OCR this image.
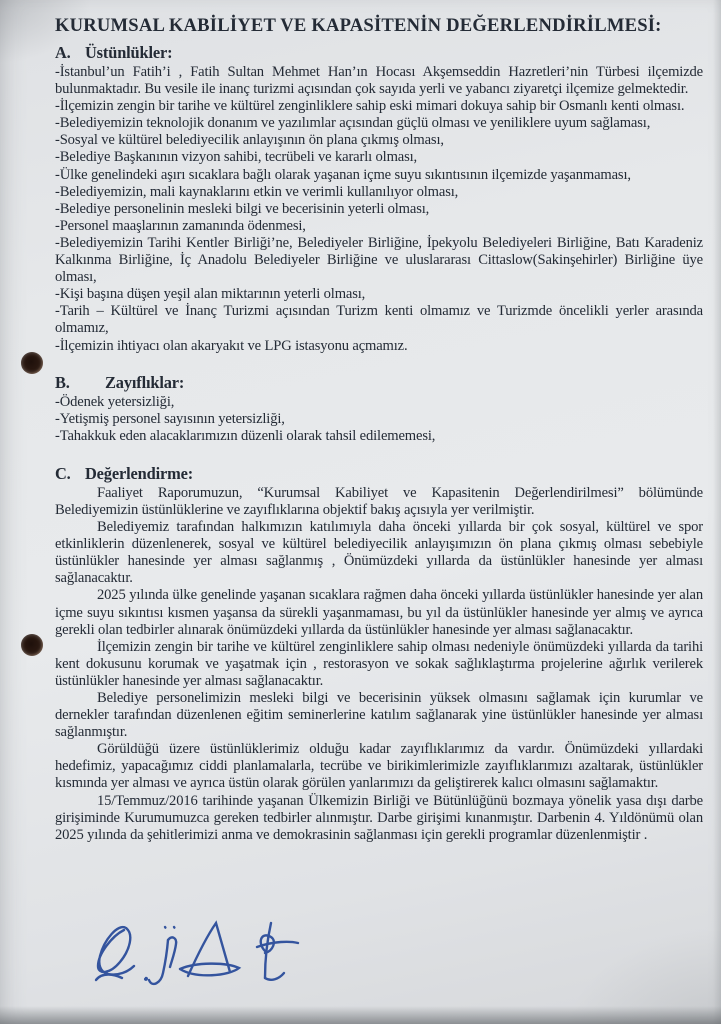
KURUMSAL KABİLİYET VE KAPASİTENİN DEĞERLENDİRİLMESİ:

A. Üstünlükler:

-İstanbul’un Fatih’i , Fatih Sultan Mehmet Han’ın Hocası Akşemseddin Hazretleri’nin Türbesi ilçemizde bulunmaktadır. Bu vesile ile inanç turizmi açısından çok sayıda yerli ve yabancı ziyaretçi ilçemize gelmektedir.

-İlçemizin zengin bir tarihe ve kültürel zenginliklere sahip eski mimari dokuya sahip bir Osmanlı kenti olması.

-Belediyemizin teknolojik donanım ve yazılımlar açısından güçlü olması ve yeniliklere uyum sağlaması,

-Sosyal ve kültürel belediyecilik anlayışının ön plana çıkmış olması,

-Belediye Başkanının vizyon sahibi, tecrübeli ve kararlı olması,

-Ülke genelindeki aşırı sıcaklara bağlı olarak yaşanan içme suyu sıkıntısının ilçemizde yaşanmaması,

-Belediyemizin, mali kaynaklarını etkin ve verimli kullanılıyor olması,

-Belediye personelinin mesleki bilgi ve becerisinin yeterli olması,

-Personel maaşlarının zamanında ödenmesi,

-Belediyemizin Tarihi Kentler Birliği’ne, Belediyeler Birliğine, İpekyolu Belediyeleri Birliğine, Batı Karadeniz Kalkınma Birliğine, İç Anadolu Belediyeler Birliğine ve uluslararası Cittaslow(Sakinşehirler) Birliğine üye olması,

-Kişi başına düşen yeşil alan miktarının yeterli olması,

-Tarih – Kültürel ve İnanç Turizmi açısından Turizm kenti olmamız ve Turizmde öncelikli yerler arasında olmamız,

-İlçemizin ihtiyacı olan akaryakıt ve LPG istasyonu açmamız.

B. Zayıflıklar:

-Ödenek yetersizliği,

-Yetişmiş personel sayısının yetersizliği,

-Tahakkuk eden alacaklarımızın düzenli olarak tahsil edilememesi,

C. Değerlendirme:

Faaliyet Raporumuzun, “Kurumsal Kabiliyet ve Kapasitenin Değerlendirilmesi” bölümünde Belediyemizin üstünlüklerine ve zayıflıklarına objektif bakış açısıyla yer verilmiştir.

Belediyemiz tarafından halkımızın katılımıyla daha önceki yıllarda bir çok sosyal, kültürel ve spor etkinliklerin düzenlenerek, sosyal ve kültürel belediyecilik anlayışımızın ön plana çıkmış olması sebebiyle üstünlükler hanesinde yer alması sağlanmış , Önümüzdeki yıllarda da üstünlükler hanesinde yer alması sağlanacaktır.

2025 yılında ülke genelinde yaşanan sıcaklara rağmen daha önceki yıllarda üstünlükler hanesinde yer alan içme suyu sıkıntısı kısmen yaşansa da sürekli yaşanmaması, bu yıl da üstünlükler hanesinde yer almış ve ayrıca gerekli olan tedbirler alınarak önümüzdeki yıllarda da üstünlükler hanesinde yer alması sağlanacaktır.

İlçemizin zengin bir tarihe ve kültürel zenginliklere sahip olması nedeniyle önümüzdeki yıllarda da tarihi kent dokusunu korumak ve yaşatmak için , restorasyon ve sokak sağlıklaştırma projelerine ağırlık verilerek üstünlükler hanesinde yer alması sağlanacaktır.

Belediye personelimizin mesleki bilgi ve becerisinin yüksek olmasını sağlamak için kurumlar ve dernekler tarafından düzenlenen eğitim seminerlerine katılım sağlanarak yine üstünlükler hanesinde yer alması sağlanmıştır.

Görüldüğü üzere üstünlüklerimiz olduğu kadar zayıflıklarımız da vardır. Önümüzdeki yıllardaki hedefimiz, yapacağımız ciddi planlamalarla, tecrübe ve birikimlerimizle zayıflıklarımızı azaltarak, üstünlükler kısmında yer alması ve ayrıca üstün olarak görülen yanlarımızı da geliştirerek kalıcı olmasını sağlamaktır.

15/Temmuz/2016 tarihinde yaşanan Ülkemizin Birliği ve Bütünlüğünü bozmaya yönelik yasa dışı darbe girişiminde Kurumumuzca gereken tedbirler alınmıştır. Darbe girişimi kınanmıştır. Darbenin 4. Yıldönümü olan 2025 yılında da şehitlerimizi anma ve demokrasinin sağlanması için gerekli programlar düzenlenmiştir .
